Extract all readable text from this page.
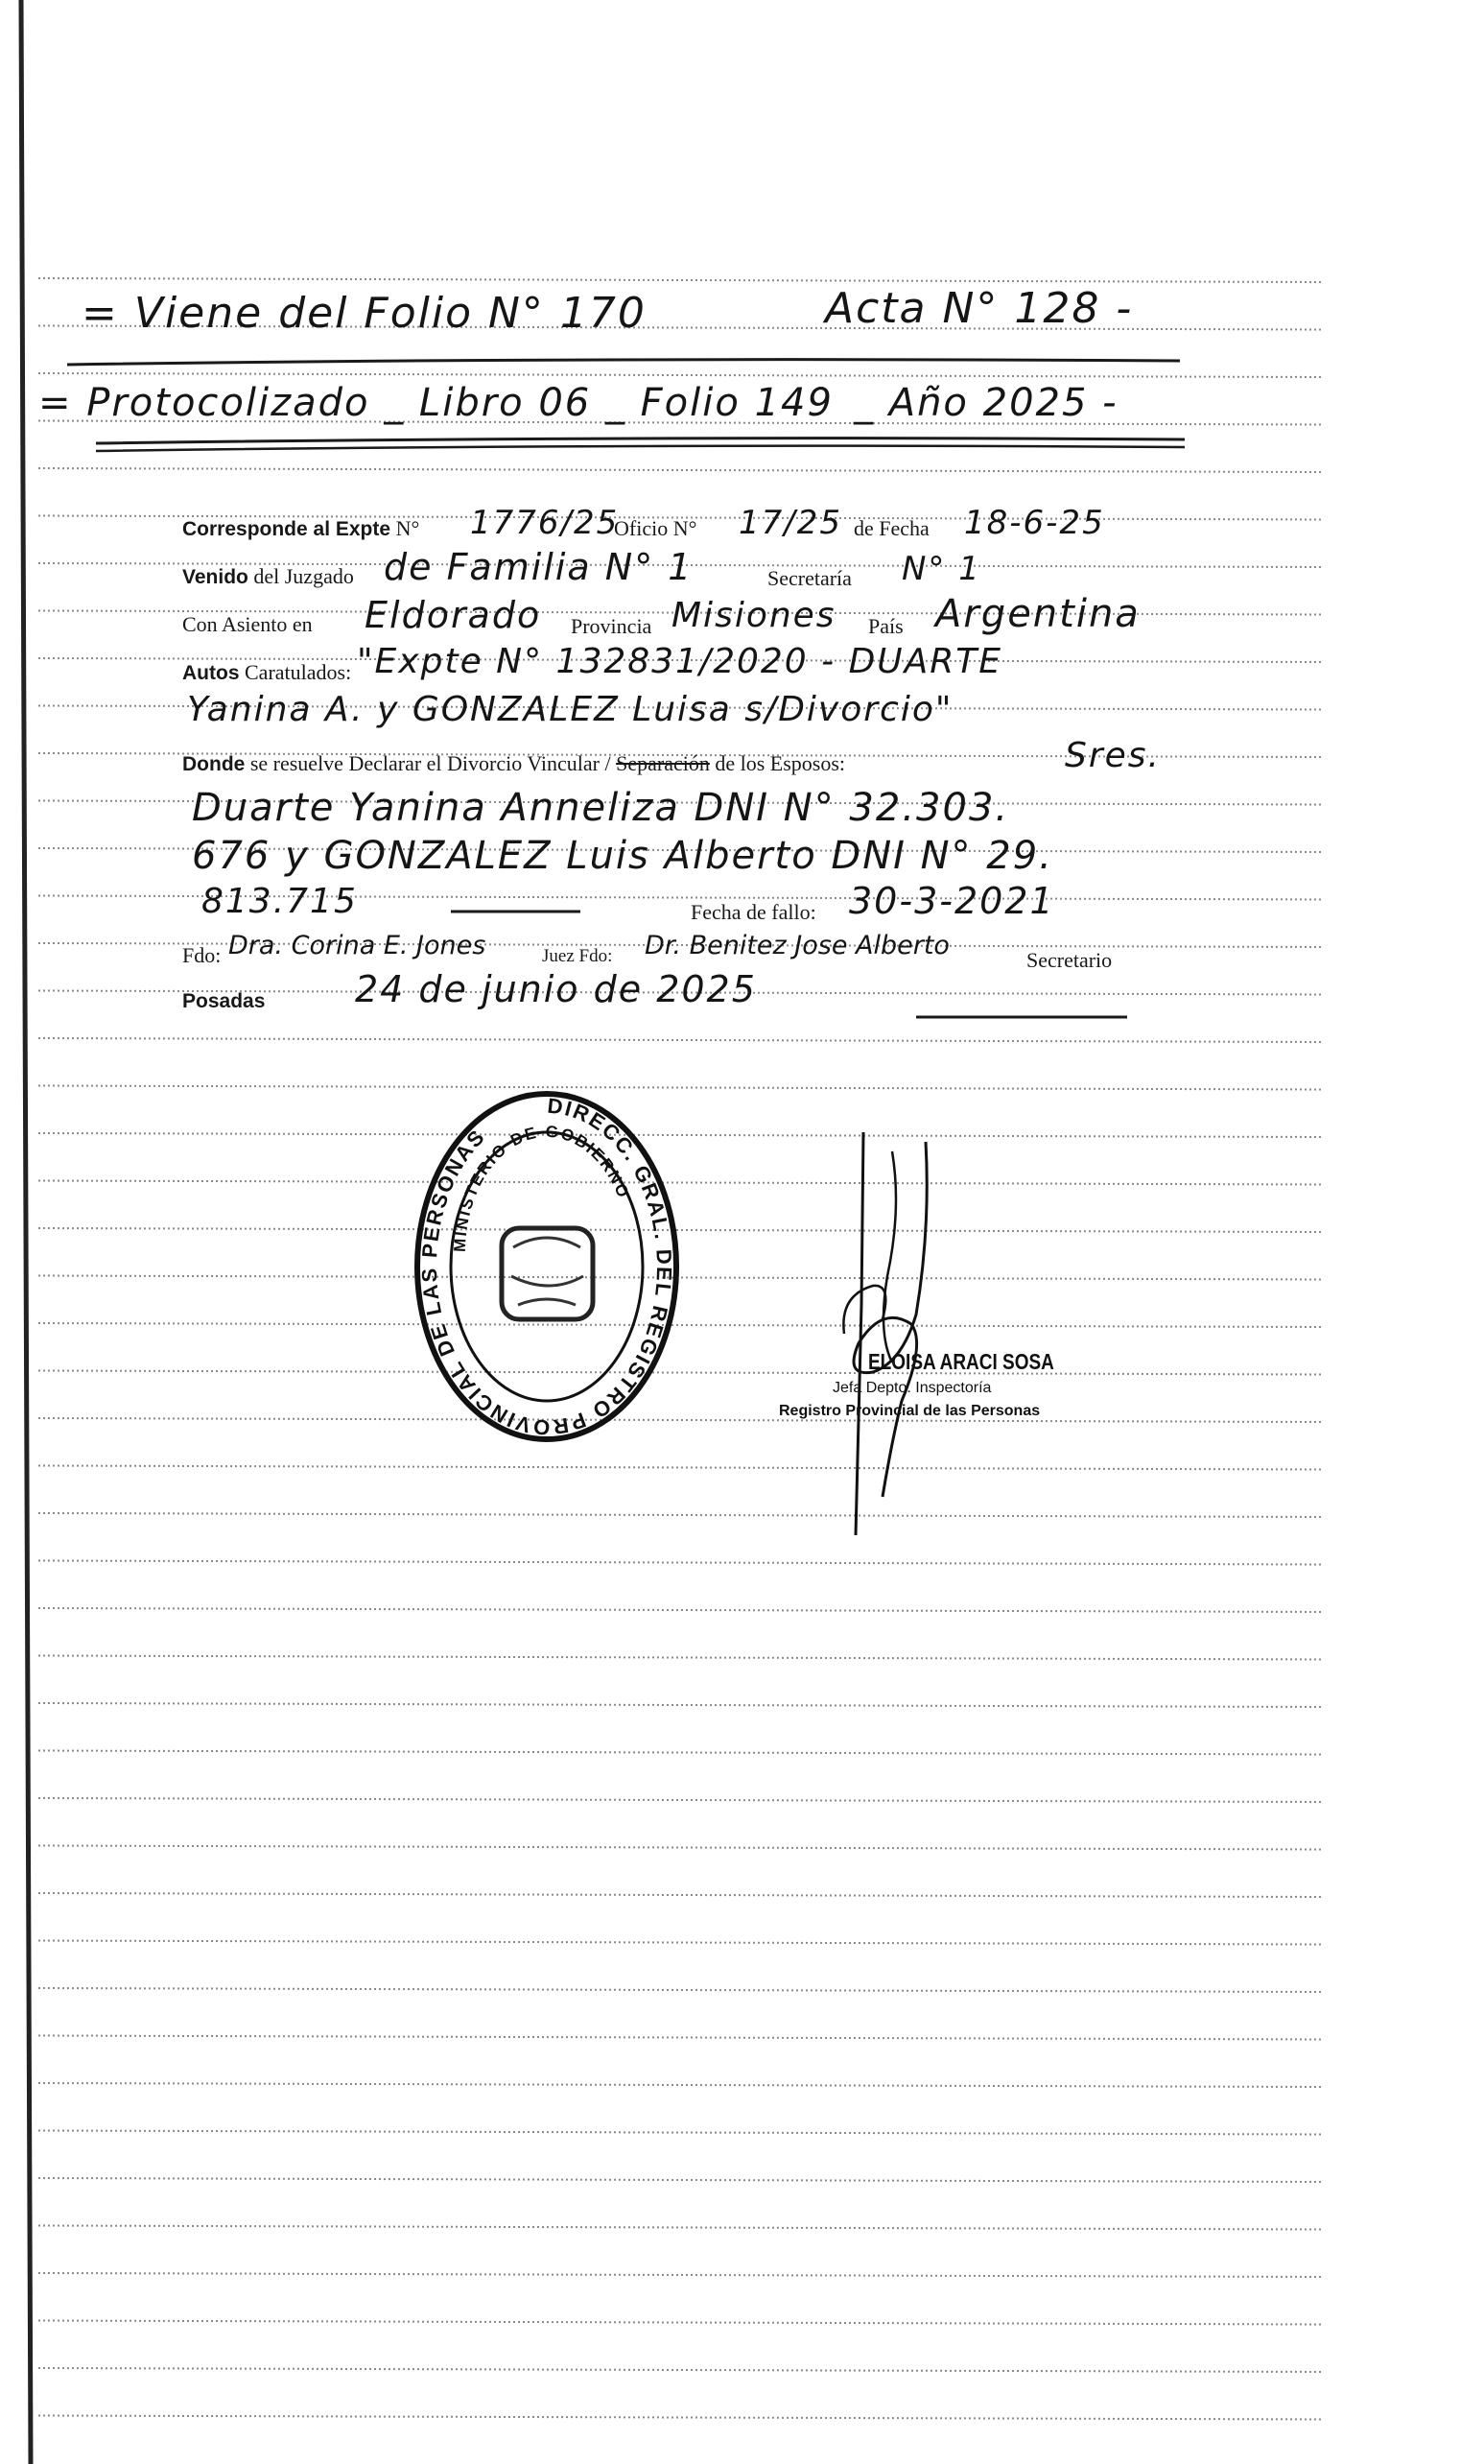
= Viene del Folio N° 170	Acta N° 128 -
= Protocolizado _ Libro 06 _ Folio 149 _ Año 2025 -
Corresponde al Expte N° 1776/25
Oficio N° 17/25 de Fecha 18-6-25
Venido del Juzgado de Familia N° 1	Secretaría N° 1
Con Asiento en Eldorado Provincia Misiones País Argentina
Autos Caratulados: "Expte N° 132831/2020 - DUARTE
Yanina A. y GONZALEZ Luisa s/Divorcio"
Donde se resuelve Declarar el Divorcio Vincular / Separación de los Esposos:	Sres.
Duarte Yanina Anneliza DNI N° 32.303.
676 y GONZALEZ Luis Alberto DNI N° 29.
813.715	Fecha de fallo: 30-3-2021
Fdo: Dra. Corina E. Jones	Juez Fdo: Dr. Benitez Jose Alberto	Secretario
Posadas 24 de junio de 2025
DIRECC. GRAL. DEL REGISTRO PROVINCIAL DE LAS PERSONAS
MINISTERIO DE GOBIERNO
ELOISA ARACI SOSA
Jefa Depto. Inspectoría
Registro Provincial de las Personas
